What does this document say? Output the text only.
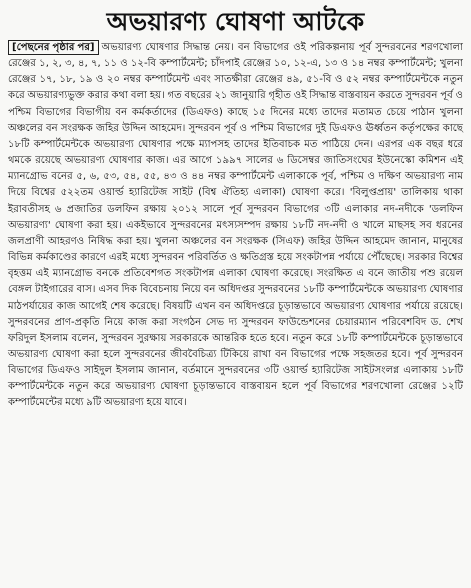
অভয়ারণ্য ঘোষণা আটকে

[পেছনের পৃষ্ঠার পর] অভয়ারণ্য ঘোষণার সিদ্ধান্ত নেয়। বন বিভাগের ওই পরিকল্পনায় পূর্ব সুন্দরবনের শরণখোলা রেঞ্জের ১, ২, ৩, ৪, ৭, ১১ ও ১২-বি কম্পার্টমেন্ট; চাঁদপাই রেঞ্জের ১০, ১২-এ, ১৩ ও ১৪ নম্বর কম্পার্টমেন্ট; খুলনা রেঞ্জের ১৭, ১৮, ১৯ ও ২০ নম্বর কম্পার্টমেন্ট এবং সাতক্ষীরা রেঞ্জের ৪৯, ৫১-বি ও ৫২ নম্বর কম্পার্টমেন্টকে নতুন করে অভয়ারণ্যভুক্ত করার কথা বলা হয়। গত বছরের ২১ জানুয়ারি গৃহীত ওই সিদ্ধান্ত বাস্তবায়ন করতে সুন্দরবন পূর্ব ও পশ্চিম বিভাগের বিভাগীয় বন কর্মকর্তাদের (ডিএফও) কাছে ১৫ দিনের মধ্যে তাদের মতামত চেয়ে পাঠান খুলনা অঞ্চলের বন সংরক্ষক জহির উদ্দিন আহমেদ। সুন্দরবন পূর্ব ও পশ্চিম বিভাগের দুই ডিএফও ঊর্ধ্বতন কর্তৃপক্ষের কাছে ১৮টি কম্পার্টমেন্টকে অভয়ারণ্য ঘোষণার পক্ষে ম্যাপসহ তাদের ইতিবাচক মত পাঠিয়ে দেন। এরপর এক বছর ধরে থমকে রয়েছে অভয়ারণ্য ঘোষণার কাজ। এর আগে ১৯৯৭ সালের ৬ ডিসেম্বর জাতিসংঘের ইউনেস্কো কমিশন এই ম্যানগ্রোভ বনের ৫, ৬, ৫৩, ৫৪, ৫৫, ৪৩ ও ৪৪ নম্বর কম্পার্টমেন্ট এলাকাকে পূর্ব, পশ্চিম ও দক্ষিণ অভয়ারণ্য নাম দিয়ে বিশ্বের ৫২২তম ওয়ার্ল্ড হ্যারিটেজ সাইট (বিশ্ব ঐতিহ্য এলাকা) ঘোষণা করে। 'বিলুপ্তপ্রায়' তালিকায় থাকা ইরাবতীসহ ৬ প্রজাতির ডলফিন রক্ষায় ২০১২ সালে পূর্ব সুন্দরবন বিভাগের ৩টি এলাকার নদ-নদীকে 'ডলফিন অভয়ারণ্য' ঘোষণা করা হয়। একইভাবে সুন্দরবনের মৎস্যসম্পদ রক্ষায় ১৮টি নদ-নদী ও খালে মাছসহ সব ধরনের জলপ্রাণী আহরণও নিষিদ্ধ করা হয়। খুলনা অঞ্চলের বন সংরক্ষক (সিএফ) জহির উদ্দিন আহমেদ জানান, মানুষের বিভিন্ন কর্মকাণ্ডের কারণে এরই মধ্যে সুন্দরবন পরিবর্তিত ও ক্ষতিগ্রস্ত হয়ে সংকটাপন্ন পর্যায়ে পৌঁছেছে। সরকার বিশ্বের বৃহত্তম এই ম্যানগ্রোভ বনকে প্রতিবেশগত সংকটাপন্ন এলাকা ঘোষণা করেছে। সংরক্ষিত এ বনে জাতীয় পশু রয়েল বেঙ্গল টাইগারের বাস। এসব দিক বিবেচনায় নিয়ে বন অধিদপ্তর সুন্দরবনের ১৮টি কম্পার্টমেন্টকে অভয়ারণ্য ঘোষণার মাঠপর্যায়ের কাজ আগেই শেষ করেছে। বিষয়টি এখন বন অধিদপ্তরে চূড়ান্তভাবে অভয়ারণ্য ঘোষণার পর্যায়ে রয়েছে। সুন্দরবনের প্রাণ-প্রকৃতি নিয়ে কাজ করা সংগঠন সেভ দ্য সুন্দরবন ফাউন্ডেশনের চেয়ারম্যান পরিবেশবিদ ড. শেখ ফরিদুল ইসলাম বলেন, সুন্দরবন সুরক্ষায় সরকারকে আন্তরিক হতে হবে। নতুন করে ১৮টি কম্পার্টমেন্টকে চূড়ান্তভাবে অভয়ারণ্য ঘোষণা করা হলে সুন্দরবনের জীববৈচিত্র্য টিকিয়ে রাখা বন বিভাগের পক্ষে সহজতর হবে। পূর্ব সুন্দরবন বিভাগের ডিএফও সাইদুল ইসলাম জানান, বর্তমানে সুন্দরবনের ৩টি ওয়ার্ল্ড হ্যারিটেজ সাইটসংলগ্ন এলাকায় ১৮টি কম্পার্টমেন্টকে নতুন করে অভয়ারণ্য ঘোষণা চূড়ান্তভাবে বাস্তবায়ন হলে পূর্ব বিভাগের শরণখোলা রেঞ্জের ১২টি কম্পার্টমেন্টের মধ্যে ৯টি অভয়ারণ্য হয়ে যাবে।
